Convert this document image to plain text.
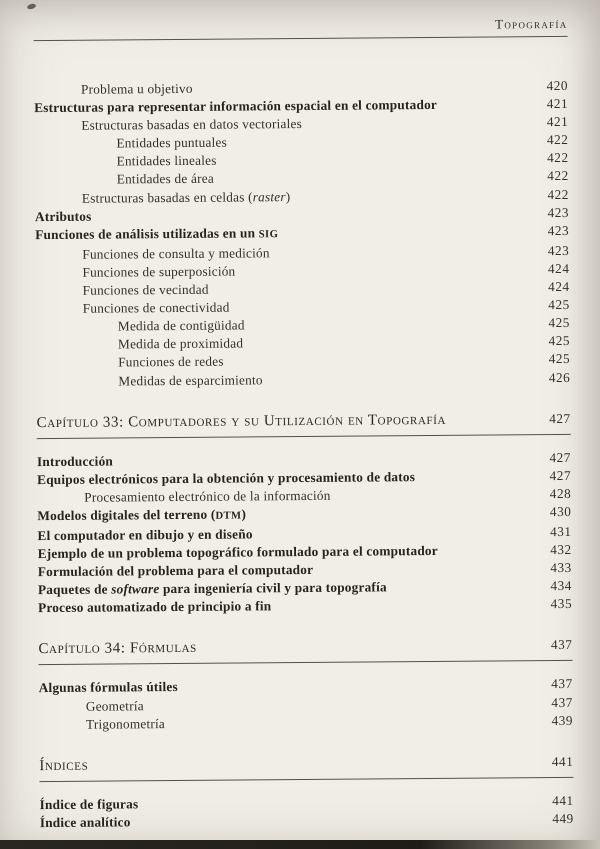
Topografía
Problema u objetivo	420
Estructuras para representar información espacial en el computador	421
Estructuras basadas en datos vectoriales	421
Entidades puntuales	422
Entidades lineales	422
Entidades de área	422
Estructuras basadas en celdas (raster)	422
Atributos	423
Funciones de análisis utilizadas en un SIG	423
Funciones de consulta y medición	423
Funciones de superposición	424
Funciones de vecindad	424
Funciones de conectividad	425
Medida de contigüidad	425
Medida de proximidad	425
Funciones de redes	425
Medidas de esparcimiento	426
Capítulo 33: Computadores y su Utilización en Topografía	427
Introducción	427
Equipos electrónicos para la obtención y procesamiento de datos	427
Procesamiento electrónico de la información	428
Modelos digitales del terreno (DTM)	430
El computador en dibujo y en diseño	431
Ejemplo de un problema topográfico formulado para el computador	432
Formulación del problema para el computador	433
Paquetes de software para ingeniería civil y para topografía	434
Proceso automatizado de principio a fin	435
Capítulo 34: Fórmulas	437
Algunas fórmulas útiles	437
Geometría	437
Trigonometría	439
Índices	441
Índice de figuras	441
Índice analítico	449
